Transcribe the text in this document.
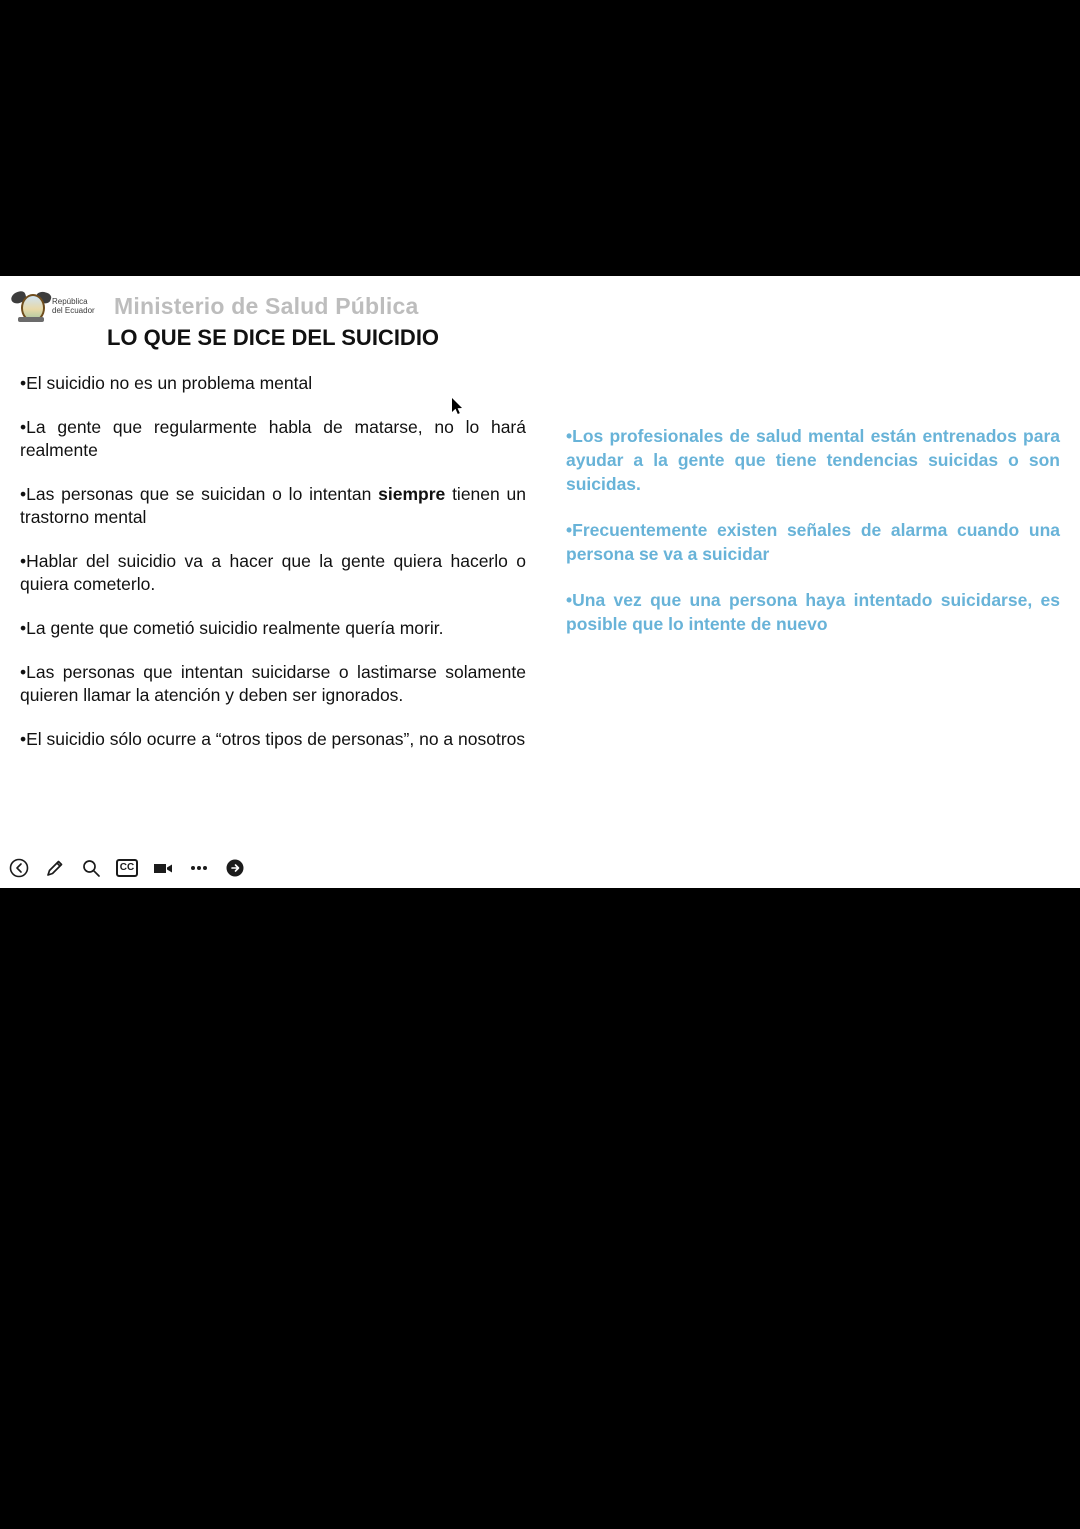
República
del Ecuador Ministerio de Salud Pública
LO QUE SE DICE DEL SUICIDIO
•El suicidio no es un problema mental
•La gente que regularmente habla de matarse, no lo hará realmente
•Las personas que se suicidan o lo intentan siempre tienen un trastorno mental
•Hablar del suicidio va a hacer que la gente quiera hacerlo o quiera cometerlo.
•La gente que cometió suicidio realmente quería morir.
•Las personas que intentan suicidarse o lastimarse solamente quieren llamar la atención y deben ser ignorados.
•El suicidio sólo ocurre a “otros tipos de personas”, no a nosotros
•Los profesionales de salud mental están entrenados para ayudar a la gente que tiene tendencias suicidas o son suicidas.
•Frecuentemente existen señales de alarma cuando una persona se va a suicidar
•Una vez que una persona haya intentado suicidarse, es posible que lo intente de nuevo
CC
